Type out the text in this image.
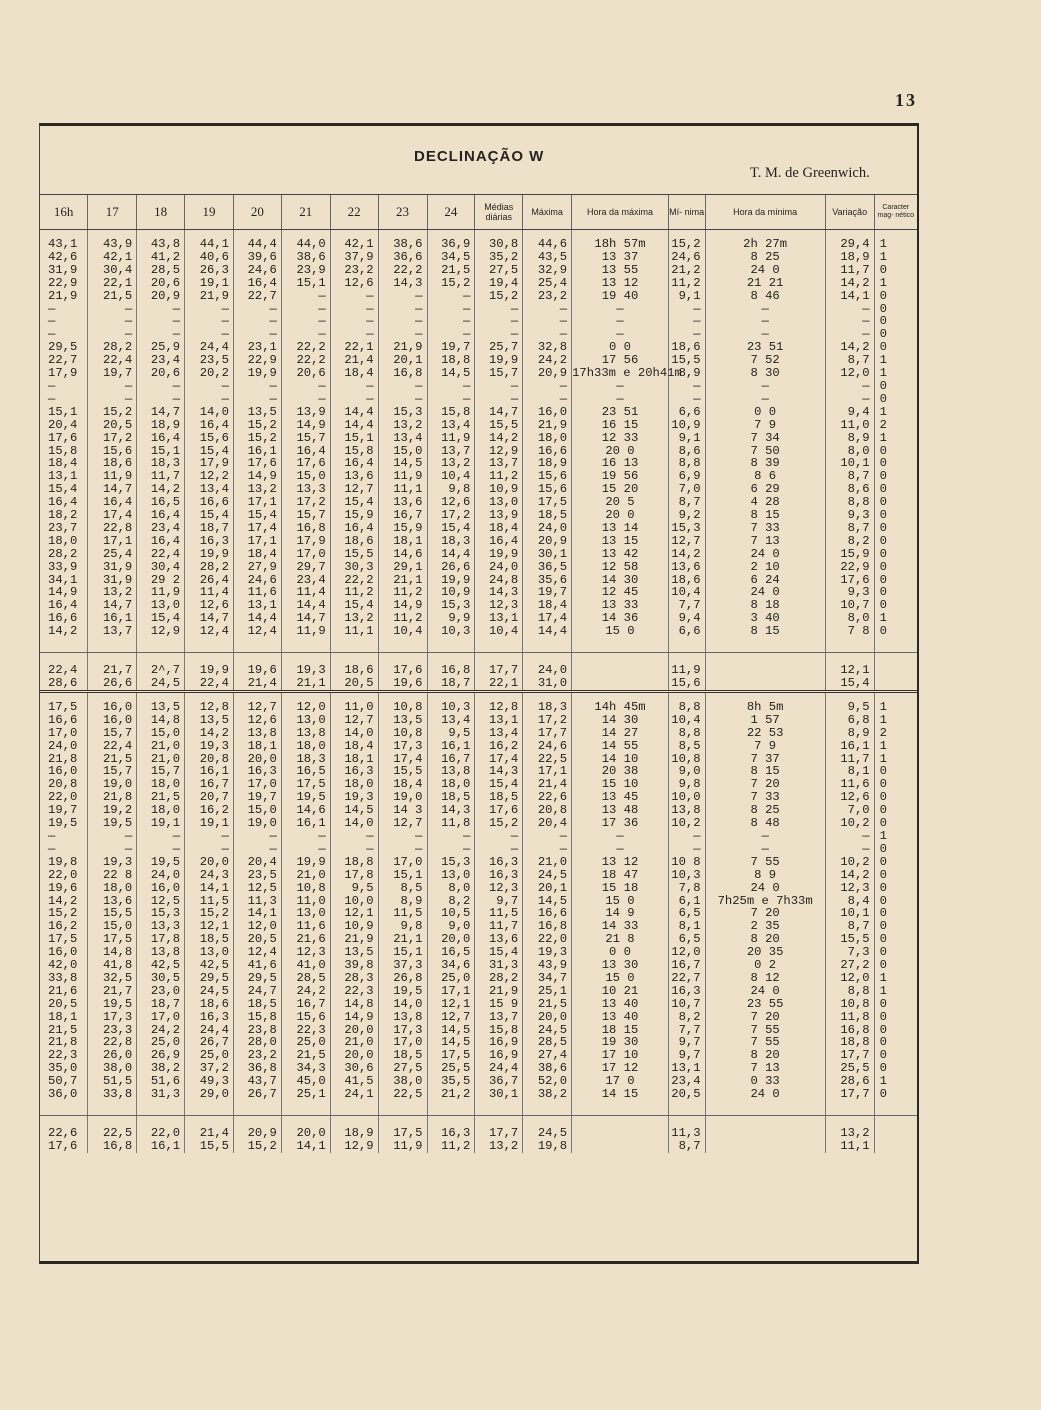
13
DECLINAÇÃO W
T. M. de Greenwich.
16h	17	18	19	20	21	22	23	24	Médias diárias	Máxima	Hora da máxima	Mí- nima	Hora da mínima	Variação	Caracter mag- nético

43,1	43,9	43,8	44,1	44,4	44,0	42,1	38,6	36,9	30,8	44,6	18h 57m	15,2	2h 27m	29,4	1
42,6	42,1	41,2	40,6	39,6	38,6	37,9	36,6	34,5	35,2	43,5	13 37	24,6	8 25	18,9	1
31,9	30,4	28,5	26,3	24,6	23,9	23,2	22,2	21,5	27,5	32,9	13 55	21,2	24 0	11,7	0
22,9	22,1	20,6	19,1	16,4	15,1	12,6	14,3	15,2	19,4	25,4	13 12	11,2	21 21	14,2	1
21,9	21,5	20,9	21,9	22,7	—	—	—	—	15,2	23,2	19 40	9,1	8 46	14,1	0
—	—	—	—	—	—	—	—	—	—	—	—	—	—	—	0
—	—	—	—	—	—	—	—	—	—	—	—	—	—	—	0
—	—	—	—	—	—	—	—	—	—	—	—	—	—	—	0
29,5	28,2	25,9	24,4	23,1	22,2	22,1	21,9	19,7	25,7	32,8	0 0	18,6	23 51	14,2	0
22,7	22,4	23,4	23,5	22,9	22,2	21,4	20,1	18,8	19,9	24,2	17 56	15,5	7 52	8,7	1
17,9	19,7	20,6	20,2	19,9	20,6	18,4	16,8	14,5	15,7	20,9	17h33m e 20h41m	8,9	8 30	12,0	1
—	—	—	—	—	—	—	—	—	—	—	—	—	—	—	0
—	—	—	—	—	—	—	—	—	—	—	—	—	—	—	0
15,1	15,2	14,7	14,0	13,5	13,9	14,4	15,3	15,8	14,7	16,0	23 51	6,6	0 0	9,4	1
20,4	20,5	18,9	16,4	15,2	14,9	14,4	13,2	13,4	15,5	21,9	16 15	10,9	7 9	11,0	2
17,6	17,2	16,4	15,6	15,2	15,7	15,1	13,4	11,9	14,2	18,0	12 33	9,1	7 34	8,9	1
15,8	15,6	15,1	15,4	16,1	16,4	15,8	15,0	13,7	12,9	16,6	20 0	8,6	7 50	8,0	0
18,4	18,6	18,3	17,9	17,6	17,6	16,4	14,5	13,2	13,7	18,9	16 13	8,8	8 39	10,1	0
13,1	11,9	11,7	12,2	14,9	15,0	13,6	11,9	10,4	11,2	15,6	19 56	6,9	8 6	8,7	0
15,4	14,7	14,2	13,4	13,2	13,3	12,7	11,1	9,8	10,9	15,6	15 20	7,0	6 29	8,6	0
16,4	16,4	16,5	16,6	17,1	17,2	15,4	13,6	12,6	13,0	17,5	20 5	8,7	4 28	8,8	0
18,2	17,4	16,4	15,4	15,4	15,7	15,9	16,7	17,2	13,9	18,5	20 0	9,2	8 15	9,3	0
23,7	22,8	23,4	18,7	17,4	16,8	16,4	15,9	15,4	18,4	24,0	13 14	15,3	7 33	8,7	0
18,0	17,1	16,4	16,3	17,1	17,9	18,6	18,1	18,3	16,4	20,9	13 15	12,7	7 13	8,2	0
28,2	25,4	22,4	19,9	18,4	17,0	15,5	14,6	14,4	19,9	30,1	13 42	14,2	24 0	15,9	0
33,9	31,9	30,4	28,2	27,9	29,7	30,3	29,1	26,6	24,0	36,5	12 58	13,6	2 10	22,9	0
34,1	31,9	29 2	26,4	24,6	23,4	22,2	21,1	19,9	24,8	35,6	14 30	18,6	6 24	17,6	0
14,9	13,2	11,9	11,4	11,6	11,4	11,2	11,2	10,9	14,3	19,7	12 45	10,4	24 0	9,3	0
16,4	14,7	13,0	12,6	13,1	14,4	15,4	14,9	15,3	12,3	18,4	13 33	7,7	8 18	10,7	0
16,6	16,1	15,4	14,7	14,4	14,7	13,2	11,2	9,9	13,1	17,4	14 36	9,4	3 40	8,0	1
14,2	13,7	12,9	12,4	12,4	11,9	11,1	10,4	10,3	10,4	14,4	15 0	6,6	8 15	7 8	0

22,4	21,7	2^,7	19,9	19,6	19,3	18,6	17,6	16,8	17,7	24,0		11,9		12,1	
28,6	26,6	24,5	22,4	21,4	21,1	20,5	19,6	18,7	22,1	31,0		15,6		15,4	

17,5	16,0	13,5	12,8	12,7	12,0	11,0	10,8	10,3	12,8	18,3	14h 45m	8,8	8h 5m	9,5	1
16,6	16,0	14,8	13,5	12,6	13,0	12,7	13,5	13,4	13,1	17,2	14 30	10,4	1 57	6,8	1
17,0	15,7	15,0	14,2	13,8	13,8	14,0	10,8	9,5	13,4	17,7	14 27	8,8	22 53	8,9	2
24,0	22,4	21,0	19,3	18,1	18,0	18,4	17,3	16,1	16,2	24,6	14 55	8,5	7 9	16,1	1
21,8	21,5	21,0	20,8	20,0	18,3	18,1	17,4	16,7	17,4	22,5	14 10	10,8	7 37	11,7	1
16,0	15,7	15,7	16,1	16,3	16,5	16,3	15,5	13,8	14,3	17,1	20 38	9,0	8 15	8,1	0
20,8	19,0	18,0	16,7	17,0	17,5	18,0	18,4	18,0	15,4	21,4	15 10	9,8	7 20	11,6	0
22,0	21,8	21,5	20,7	19,7	19,5	19,3	19,0	18,5	18,5	22,6	13 45	10,0	7 33	12,6	0
19,7	19,2	18,0	16,2	15,0	14,6	14,5	14 3	14,3	17,6	20,8	13 48	13,8	8 25	7,0	0
19,5	19,5	19,1	19,1	19,0	16,1	14,0	12,7	11,8	15,2	20,4	17 36	10,2	8 48	10,2	0
—	—	—	—	—	—	—	—	—	—	—	—	—	—	—	1
—	—	—	—	—	—	—	—	—	—	—	—	—	—	—	0
19,8	19,3	19,5	20,0	20,4	19,9	18,8	17,0	15,3	16,3	21,0	13 12	10 8	7 55	10,2	0
22,0	22 8	24,0	24,3	23,5	21,0	17,8	15,1	13,0	16,3	24,5	18 47	10,3	8 9	14,2	0
19,6	18,0	16,0	14,1	12,5	10,8	9,5	8,5	8,0	12,3	20,1	15 18	7,8	24 0	12,3	0
14,2	13,6	12,5	11,5	11,3	11,0	10,0	8,9	8,2	9,7	14,5	15 0	6,1	7h25m e 7h33m	8,4	0
15,2	15,5	15,3	15,2	14,1	13,0	12,1	11,5	10,5	11,5	16,6	14 9	6,5	7 20	10,1	0
16,2	15,0	13,3	12,1	12,0	11,6	10,9	9,8	9,0	11,7	16,8	14 33	8,1	2 35	8,7	0
17,5	17,5	17,8	18,5	20,5	21,6	21,9	21,1	20,0	13,6	22,0	21 8	6,5	8 20	15,5	0
16,0	14,8	13,8	13,0	12,4	12,3	13,5	15,1	16,5	15,4	19,3	0 0	12,0	20 35	7,3	0
42,0	41,8	42,5	42,5	41,6	41,0	39,8	37,3	34,6	31,3	43,9	13 30	16,7	0 2	27,2	0
33,8	32,5	30,5	29,5	29,5	28,5	28,3	26,8	25,0	28,2	34,7	15 0	22,7	8 12	12,0	1
21,6	21,7	23,0	24,5	24,7	24,2	22,3	19,5	17,1	21,9	25,1	10 21	16,3	24 0	8,8	1
20,5	19,5	18,7	18,6	18,5	16,7	14,8	14,0	12,1	15 9	21,5	13 40	10,7	23 55	10,8	0
18,1	17,3	17,0	16,3	15,8	15,6	14,9	13,8	12,7	13,7	20,0	13 40	8,2	7 20	11,8	0
21,5	23,3	24,2	24,4	23,8	22,3	20,0	17,3	14,5	15,8	24,5	18 15	7,7	7 55	16,8	0
21,8	22,8	25,0	26,7	28,0	25,0	21,0	17,0	14,5	16,9	28,5	19 30	9,7	7 55	18,8	0
22,3	26,0	26,9	25,0	23,2	21,5	20,0	18,5	17,5	16,9	27,4	17 10	9,7	8 20	17,7	0
35,0	38,0	38,2	37,2	36,8	34,3	30,6	27,5	25,5	24,4	38,6	17 12	13,1	7 13	25,5	0
50,7	51,5	51,6	49,3	43,7	45,0	41,5	38,0	35,5	36,7	52,0	17 0	23,4	0 33	28,6	1
36,0	33,8	31,3	29,0	26,7	25,1	24,1	22,5	21,2	30,1	38,2	14 15	20,5	24 0	17,7	0

22,6	22,5	22,0	21,4	20,9	20,0	18,9	17,5	16,3	17,7	24,5		11,3		13,2	
17,6	16,8	16,1	15,5	15,2	14,1	12,9	11,9	11,2	13,2	19,8		8,7		11,1	
